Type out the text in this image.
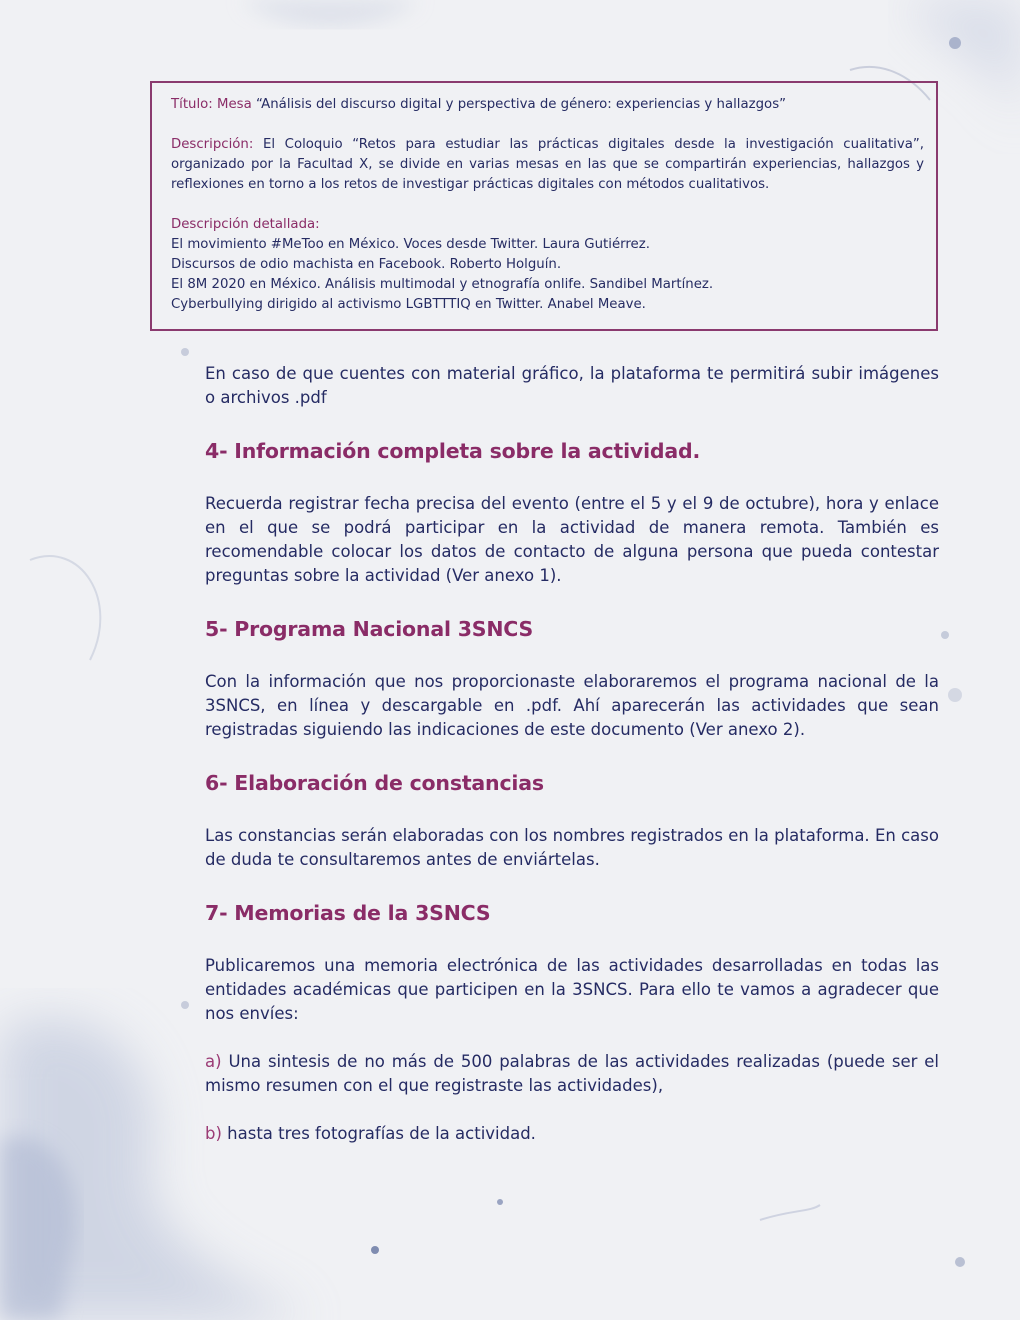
Título: Mesa “Análisis del discurso digital y perspectiva de género: experiencias y hallazgos”

Descripción: El Coloquio “Retos para estudiar las prácticas digitales desde la investigación cualitativa”, organizado por la Facultad X, se divide en varias mesas en las que se compartirán experiencias, hallazgos y reflexiones en torno a los retos de investigar prácticas digitales con métodos cualitativos.

Descripción detallada:

El movimiento #MeToo en México. Voces desde Twitter. Laura Gutiérrez.

Discursos de odio machista en Facebook. Roberto Holguín.

El 8M 2020 en México. Análisis multimodal y etnografía onlife. Sandibel Martínez.

Cyberbullying dirigido al activismo LGBTTTIQ en Twitter. Anabel Meave.

En caso de que cuentes con material gráfico, la plataforma te permitirá subir imágenes o archivos .pdf

4- Información completa sobre la actividad.

Recuerda registrar fecha precisa del evento (entre el 5 y el 9 de octubre), hora y enlace en el que se podrá participar en la actividad de manera remota. También es recomendable colocar los datos de contacto de alguna persona que pueda contestar preguntas sobre la actividad (Ver anexo 1).

5- Programa Nacional 3SNCS

Con la información que nos proporcionaste elaboraremos el programa nacional de la 3SNCS, en línea y descargable en .pdf. Ahí aparecerán las actividades que sean registradas siguiendo las indicaciones de este documento (Ver anexo 2).

6- Elaboración de constancias

Las constancias serán elaboradas con los nombres registrados en la plataforma. En caso de duda te consultaremos antes de enviártelas.

7- Memorias de la 3SNCS

Publicaremos una memoria electrónica de las actividades desarrolladas en todas las entidades académicas que participen en la 3SNCS. Para ello te vamos a agradecer que nos envíes:

a) Una sintesis de no más de 500 palabras de las actividades realizadas (puede ser el mismo resumen con el que registraste las actividades),

b) hasta tres fotografías de la actividad.
